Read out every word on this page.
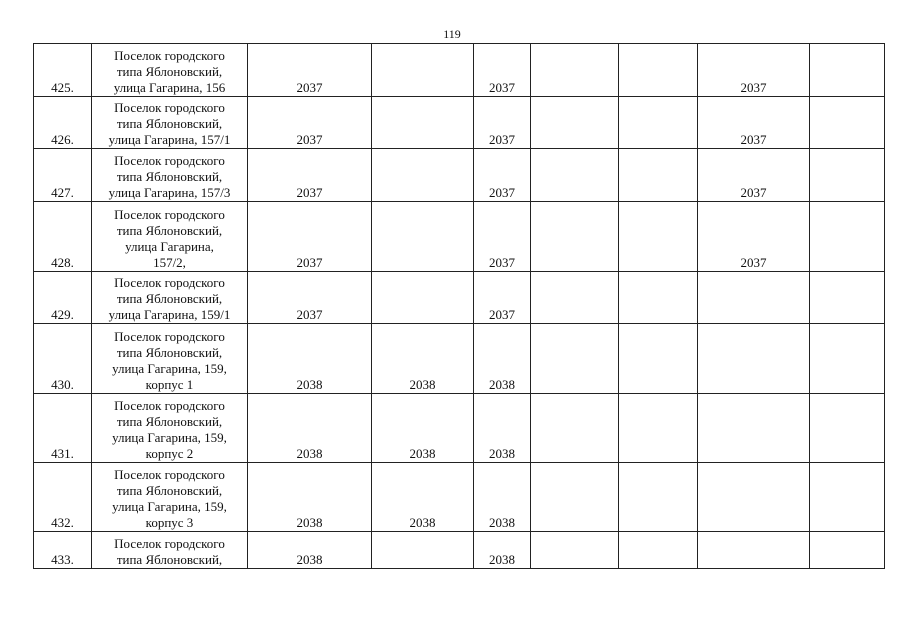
119
425.	Поселок городского
типа Яблоновский,
улица Гагарина, 156	2037		2037			2037	
426.	Поселок городского
типа Яблоновский,
улица Гагарина, 157/1	2037		2037			2037	
427.	Поселок городского
типа Яблоновский,
улица Гагарина, 157/3	2037		2037			2037	
428.	Поселок городского
типа Яблоновский,
улица Гагарина,
157/2,	2037		2037			2037	
429.	Поселок городского
типа Яблоновский,
улица Гагарина, 159/1	2037		2037				
430.	Поселок городского
типа Яблоновский,
улица Гагарина, 159,
корпус 1	2038	2038	2038				
431.	Поселок городского
типа Яблоновский,
улица Гагарина, 159,
корпус 2	2038	2038	2038				
432.	Поселок городского
типа Яблоновский,
улица Гагарина, 159,
корпус 3	2038	2038	2038				
433.	Поселок городского
типа Яблоновский,	2038		2038				
